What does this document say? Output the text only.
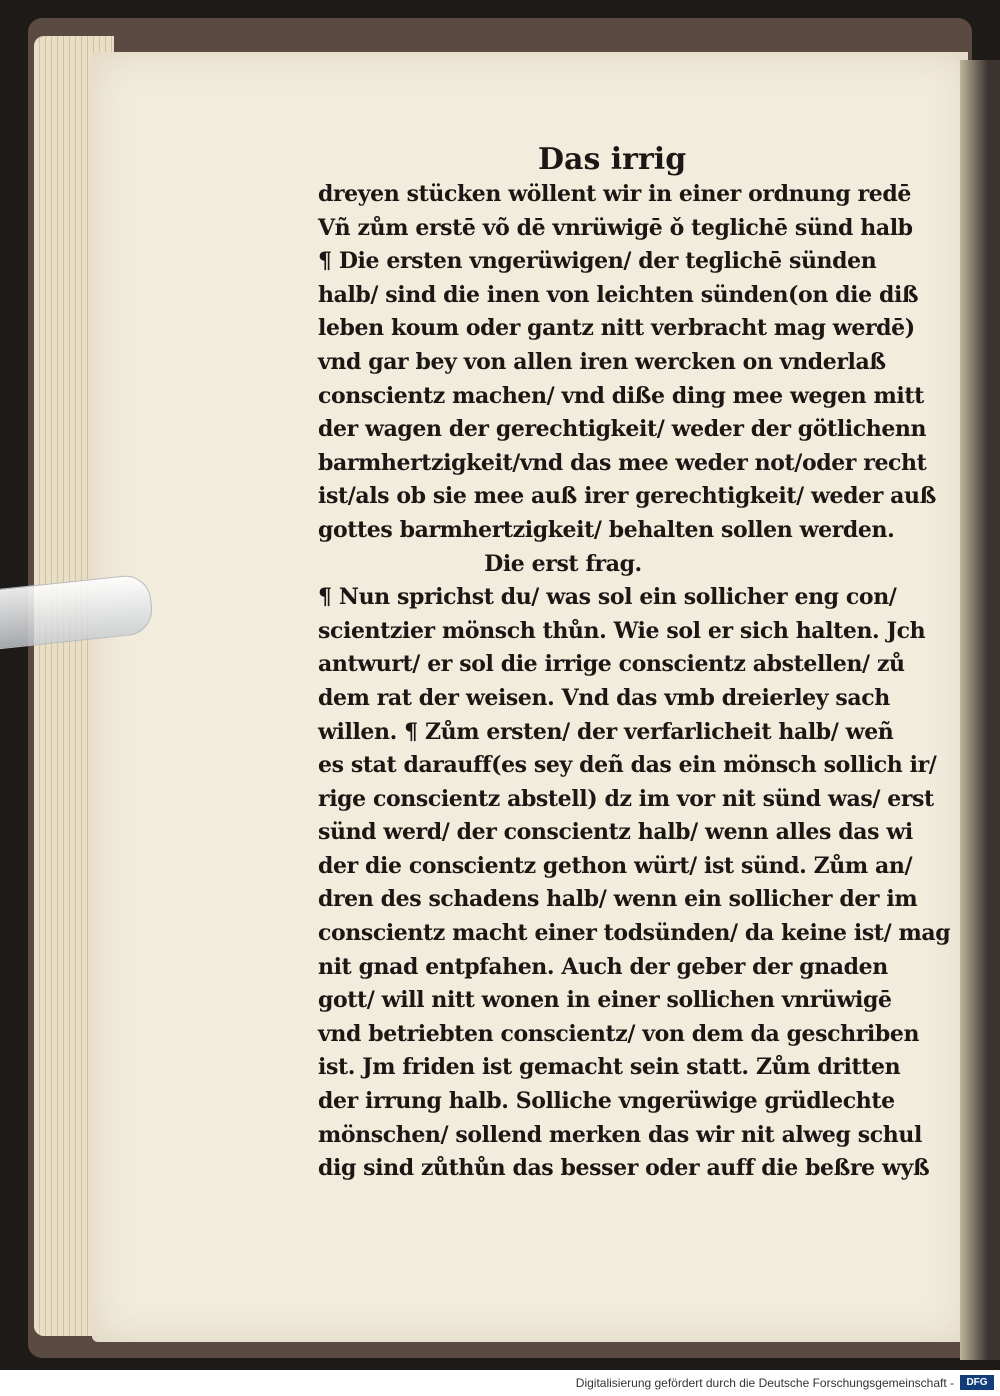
Das irrig
dreyen stücken wöllent wir in einer ordnung redē
Vñ zům erstē võ dē vnrüwigē ǒ teglichē sünd halb
¶ Die ersten vngerüwigen/ der teglichē sünden
halb/ sind die inen von leichten sünden(on die diß
leben koum oder gantz nitt verbracht mag werdē)
vnd gar bey von allen iren wercken on vnderlaß
conscientz machen/ vnd diße ding mee wegen mitt
der wagen der gerechtigkeit/ weder der götlichenn
barmhertzigkeit/vnd das mee weder not/oder recht
ist/als ob sie mee auß irer gerechtigkeit/ weder auß
gottes barmhertzigkeit/ behalten sollen werden.
Die erst frag.
¶ Nun sprichst du/ was sol ein sollicher eng con/
scientzier mönsch thůn. Wie sol er sich halten. Jch
antwurt/ er sol die irrige conscientz abstellen/ zů
dem rat der weisen. Vnd das vmb dreierley sach
willen. ¶ Zům ersten/ der verfarlicheit halb/ weñ
es stat darauff(es sey deñ das ein mönsch sollich ir/
rige conscientz abstell) dz im vor nit sünd was/ erst
sünd werd/ der conscientz halb/ wenn alles das wi
der die conscientz gethon würt/ ist sünd. Zům an/
dren des schadens halb/ wenn ein sollicher der im
conscientz macht einer todsünden/ da keine ist/ mag
nit gnad entpfahen. Auch der geber der gnaden
gott/ will nitt wonen in einer sollichen vnrüwigē
vnd betriebten conscientz/ von dem da geschriben
ist. Jm friden ist gemacht sein statt. Zům dritten
der irrung halb. Solliche vngerüwige grüdlechte
mönschen/ sollend merken das wir nit alweg schul
dig sind zůthůn das besser oder auff die beßre wyß
Digitalisierung gefördert durch die Deutsche Forschungsgemeinschaft -	DFG
